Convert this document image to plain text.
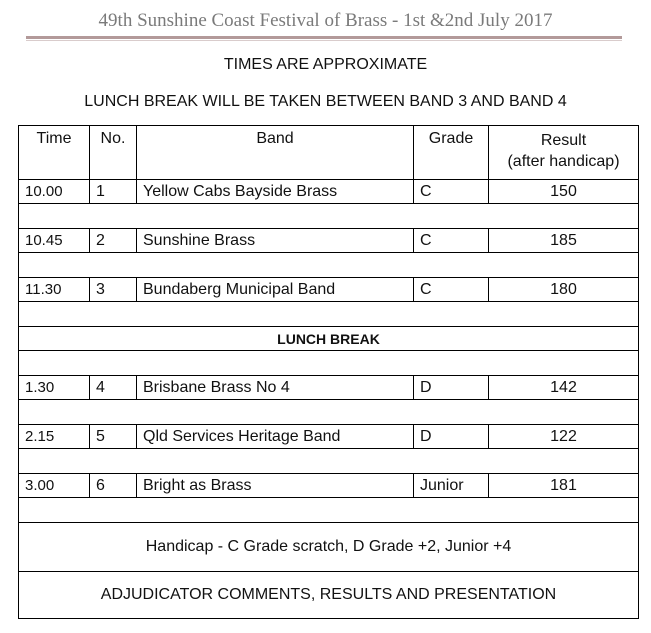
49th Sunshine Coast Festival of Brass - 1st &2nd July 2017
TIMES ARE APPROXIMATE
LUNCH BREAK WILL BE TAKEN BETWEEN BAND 3 AND BAND 4
Time	No.	Band	Grade	Result
(after handicap)
10.00	1	Yellow Cabs Bayside Brass	C	150

10.45	2	Sunshine Brass	C	185

11.30	3	Bundaberg Municipal Band	C	180

LUNCH BREAK				

1.30	4	Brisbane Brass No 4	D	142

2.15	5	Qld Services Heritage Band	D	122

3.00	6	Bright as Brass	Junior	181

Handicap - C Grade scratch, D Grade +2, Junior +4				
ADJUDICATOR COMMENTS, RESULTS AND PRESENTATION				
